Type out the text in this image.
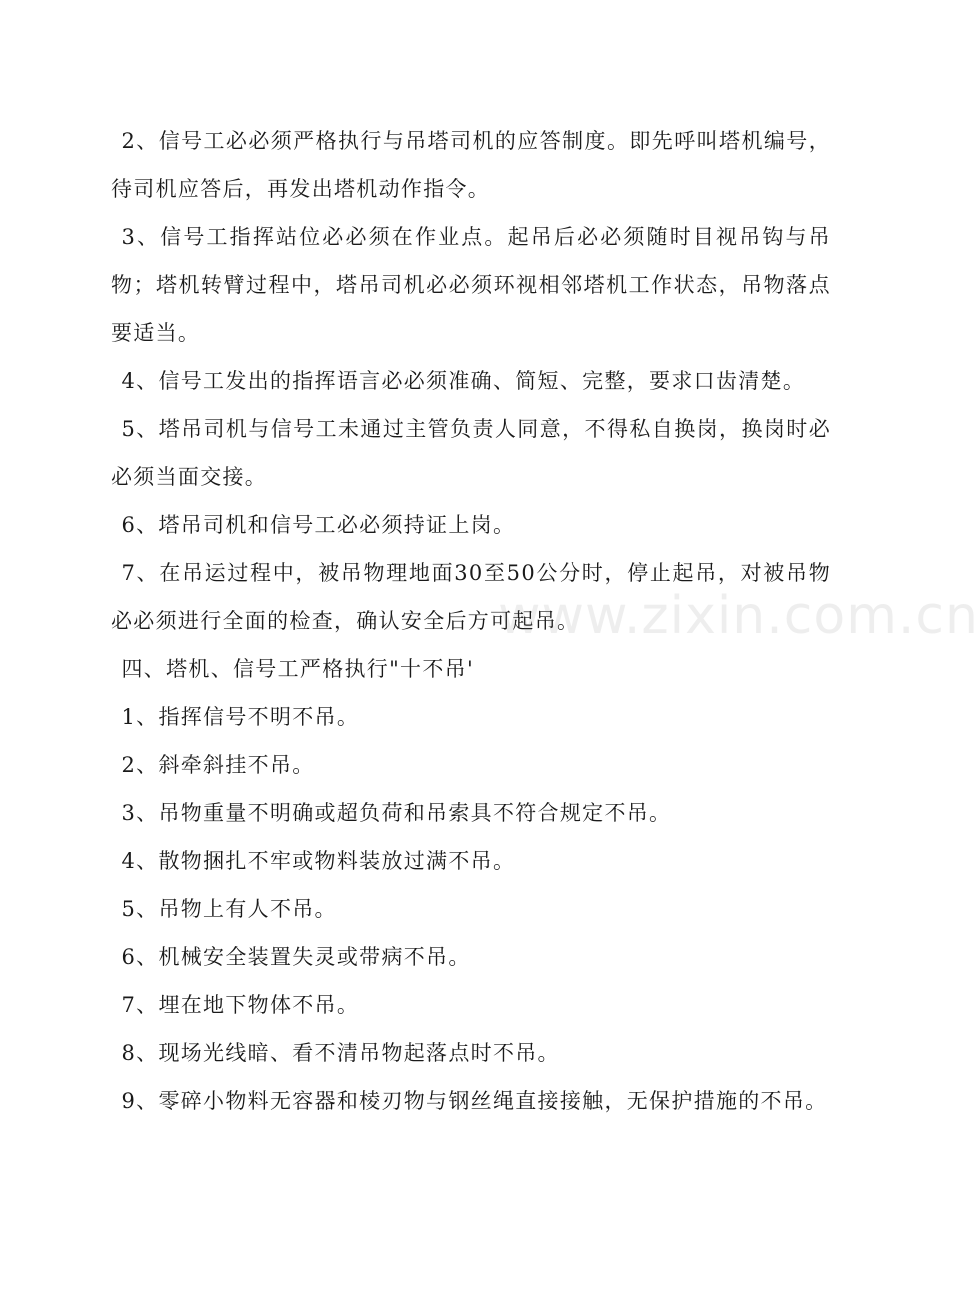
2、信号工必必须严格执行与吊塔司机的应答制度。即先呼叫塔机编号，待司机应答后，再发出塔机动作指令。

3、信号工指挥站位必必须在作业点。起吊后必必须随时目视吊钩与吊物；塔机转臂过程中，塔吊司机必必须环视相邻塔机工作状态，吊物落点要适当。

4、信号工发出的指挥语言必必须准确、简短、完整，要求口齿清楚。

5、塔吊司机与信号工未通过主管负责人同意，不得私自换岗，换岗时必必须当面交接。

6、塔吊司机和信号工必必须持证上岗。

7、在吊运过程中，被吊物理地面30至50公分时，停止起吊，对被吊物必必须进行全面的检查，确认安全后方可起吊。

四、塔机、信号工严格执行"十不吊'

1、指挥信号不明不吊。

2、斜牵斜挂不吊。

3、吊物重量不明确或超负荷和吊索具不符合规定不吊。

4、散物捆扎不牢或物料装放过满不吊。

5、吊物上有人不吊。

6、机械安全装置失灵或带病不吊。

7、埋在地下物体不吊。

8、现场光线暗、看不清吊物起落点时不吊。

9、零碎小物料无容器和棱刃物与钢丝绳直接接触，无保护措施的不吊。

www.zixin.com.cn
